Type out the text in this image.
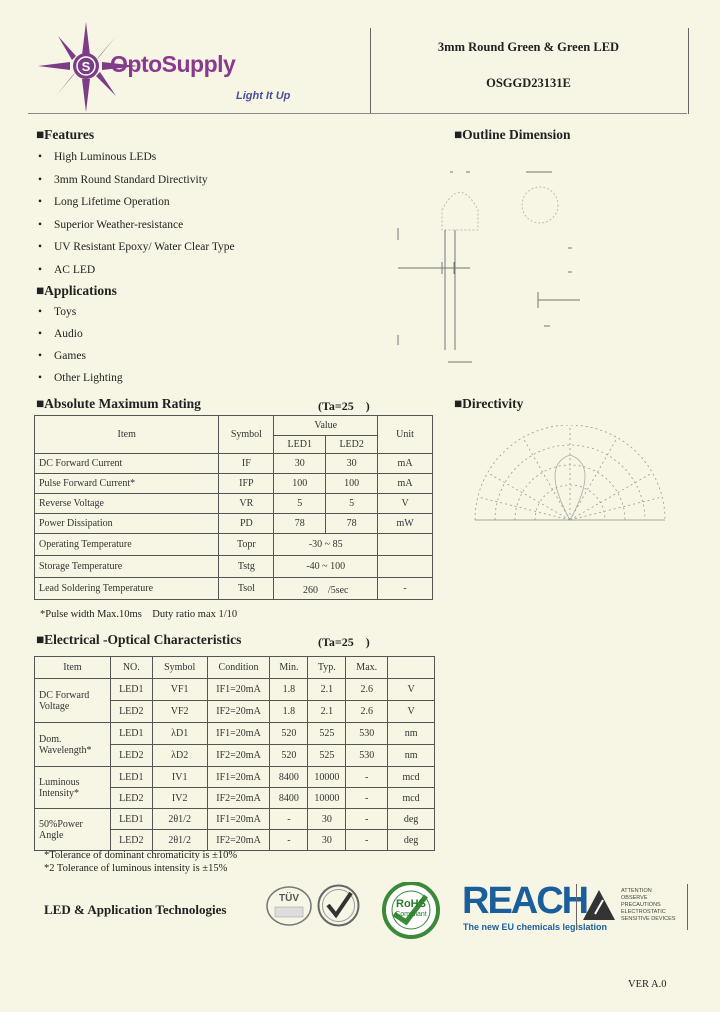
S OptoSupply
Light It Up
3mm Round Green & Green LED
OSGGD23131E
■Features
• High Luminous LEDs
• 3mm Round Standard Directivity
• Long Lifetime Operation
• Superior Weather-resistance
• UV Resistant Epoxy/ Water Clear Type
• AC LED
■Applications
• Toys
• Audio
• Games
• Other Lighting
■Outline Dimension
■Directivity
■Absolute Maximum Rating	(Ta=25　)
Item	Symbol	Value		Unit
		LED1	LED2	
DC Forward Current	IF	30	30	mA
Pulse Forward Current*	IFP	100	100	mA
Reverse Voltage	VR	5	5	V
Power Dissipation	PD	78	78	mW
Operating Temperature	Topr	-30 ~ 85		
Storage Temperature	Tstg	-40 ~ 100		
Lead Soldering Temperature	Tsol	260　/5sec		-
*Pulse width Max.10ms　Duty ratio max 1/10
■Electrical -Optical Characteristics	(Ta=25　)
Item	NO.	Symbol	Condition	Min.	Typ.	Max.	

DC Forward
Voltage	LED1	VF1	IF1=20mA	1.8	2.1	2.6	V
	LED2	VF2	IF2=20mA	1.8	2.1	2.6	V

Dom.
Wavelength*	LED1	λD1	IF1=20mA	520	525	530	nm
	LED2	λD2	IF2=20mA	520	525	530	nm

Luminous
Intensity*	LED1	IV1	IF1=20mA	8400	10000	-	mcd
	LED2	IV2	IF2=20mA	8400	10000	-	mcd

50%Power
Angle	LED1	2θ1/2	IF1=20mA	-	30	-	deg
	LED2	2θ1/2	IF2=20mA	-	30	-	deg
*Tolerance of dominant chromaticity is ±10%
*2 Tolerance of luminous intensity is ±15%
LED & Application Technologies
TÜV	RoHS
Compliant REACH
The new EU chemicals legislation
ATTENTION
OBSERVE PRECAUTIONS
ELECTROSTATIC
SENSITIVE DEVICES
VER A.0
